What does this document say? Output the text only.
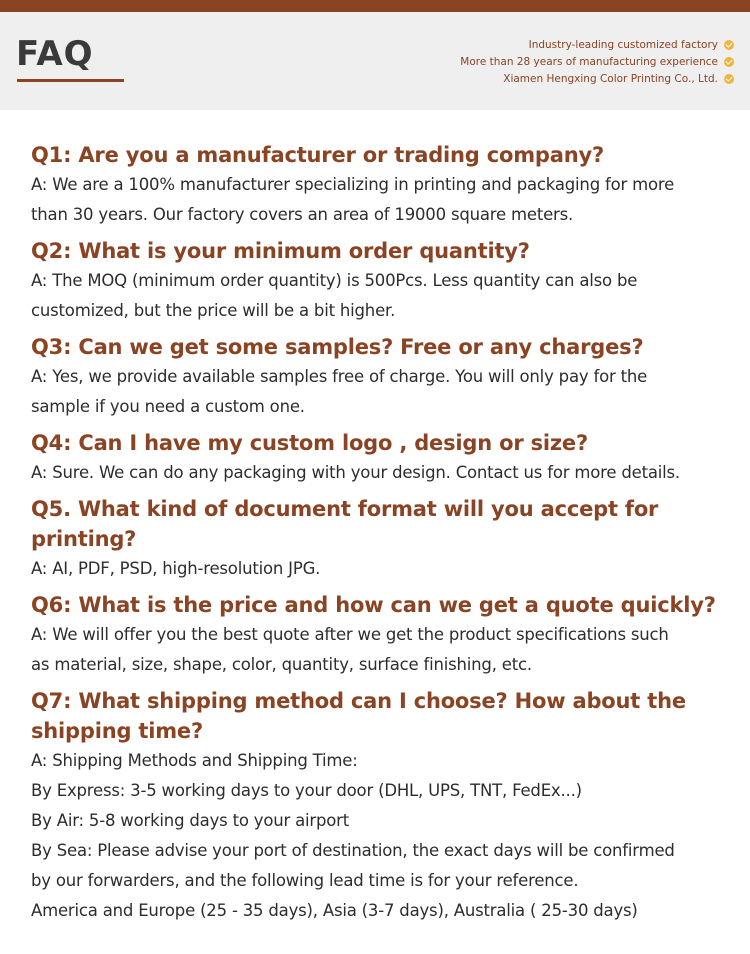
FAQ	Industry-leading customized factory
More than 28 years of manufacturing experience
Xiamen Hengxing Color Printing Co., Ltd.
Q1: Are you a manufacturer or trading company?

A: We are a 100% manufacturer specializing in printing and packaging for more

than 30 years. Our factory covers an area of 19000 square meters.

Q2: What is your minimum order quantity?

A: The MOQ (minimum order quantity) is 500Pcs. Less quantity can also be

customized, but the price will be a bit higher.

Q3: Can we get some samples? Free or any charges?

A: Yes, we provide available samples free of charge. You will only pay for the

sample if you need a custom one.

Q4: Can I have my custom logo , design or size?

A: Sure. We can do any packaging with your design. Contact us for more details.

Q5. What kind of document format will you accept for printing?

A: AI, PDF, PSD, high-resolution JPG.

Q6: What is the price and how can we get a quote quickly?

A: We will offer you the best quote after we get the product specifications such

as material, size, shape, color, quantity, surface finishing, etc.

Q7: What shipping method can I choose? How about the shipping time?

A: Shipping Methods and Shipping Time:

By Express: 3-5 working days to your door (DHL, UPS, TNT, FedEx...)

By Air: 5-8 working days to your airport

By Sea: Please advise your port of destination, the exact days will be confirmed

by our forwarders, and the following lead time is for your reference.

America and Europe (25 - 35 days), Asia (3-7 days), Australia ( 25-30 days)
